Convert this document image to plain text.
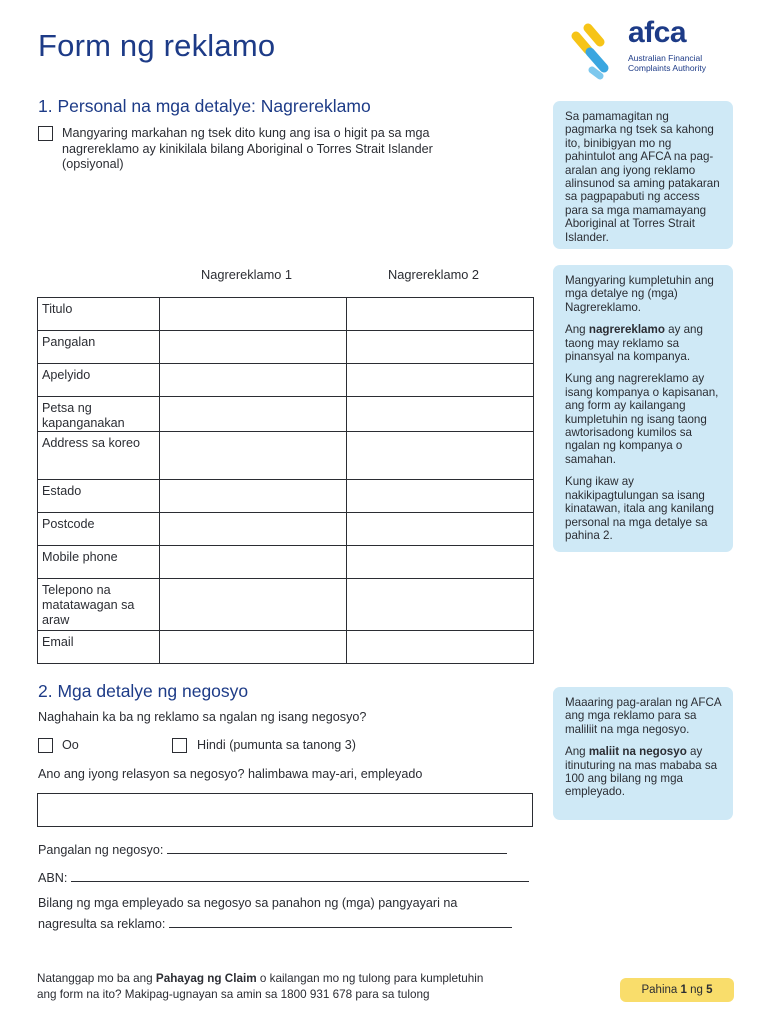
Form ng reklamo	afca
Australian Financial Complaints Authority
1. Personal na mga detalye: Nagrereklamo
Mangyaring markahan ng tsek dito kung ang isa o higit pa sa mga nagrereklamo ay kinikilala bilang Aboriginal o Torres Strait Islander (opsiyonal)

Sa pamamagitan ng pagmarka ng tsek sa kahong ito, binibigyan mo ng pahintulot ang AFCA na pag-aralan ang iyong reklamo alinsunod sa aming patakaran sa pagpapabuti ng access para sa mga mamamayang Aboriginal at Torres Strait Islander.

Nagrereklamo 1	Nagrereklamo 2
Titulo		
Pangalan		
Apelyido		
Petsa ng kapanganakan		
Address sa koreo		
Estado		
Postcode		
Mobile phone		
Telepono na matatawagan sa araw		
Email		

Mangyaring kumpletuhin ang mga detalye ng (mga) Nagrereklamo.

Ang nagrereklamo ay ang taong may reklamo sa pinansyal na kompanya.

Kung ang nagrereklamo ay isang kompanya o kapisanan, ang form ay kailangang kumpletuhin ng isang taong awtorisadong kumilos sa ngalan ng kompanya o samahan.

Kung ikaw ay nakikipagtulungan sa isang kinatawan, itala ang kanilang personal na mga detalye sa pahina 2.

2. Mga detalye ng negosyo
Naghahain ka ba ng reklamo sa ngalan ng isang negosyo?
Oo	Hindi (pumunta sa tanong 3)
Ano ang iyong relasyon sa negosyo? halimbawa may-ari, empleyado
Pangalan ng negosyo:
ABN:
Bilang ng mga empleyado sa negosyo sa panahon ng (mga) pangyayari na
nagresulta sa reklamo:

Maaaring pag-aralan ng AFCA ang mga reklamo para sa maliliit na mga negosyo.

Ang maliit na negosyo ay itinuturing na mas mababa sa 100 ang bilang ng mga empleyado.

Natanggap mo ba ang Pahayag ng Claim o kailangan mo ng tulong para kumpletuhin
ang form na ito? Makipag-ugnayan sa amin sa 1800 931 678 para sa tulong	Pahina 1 ng 5
